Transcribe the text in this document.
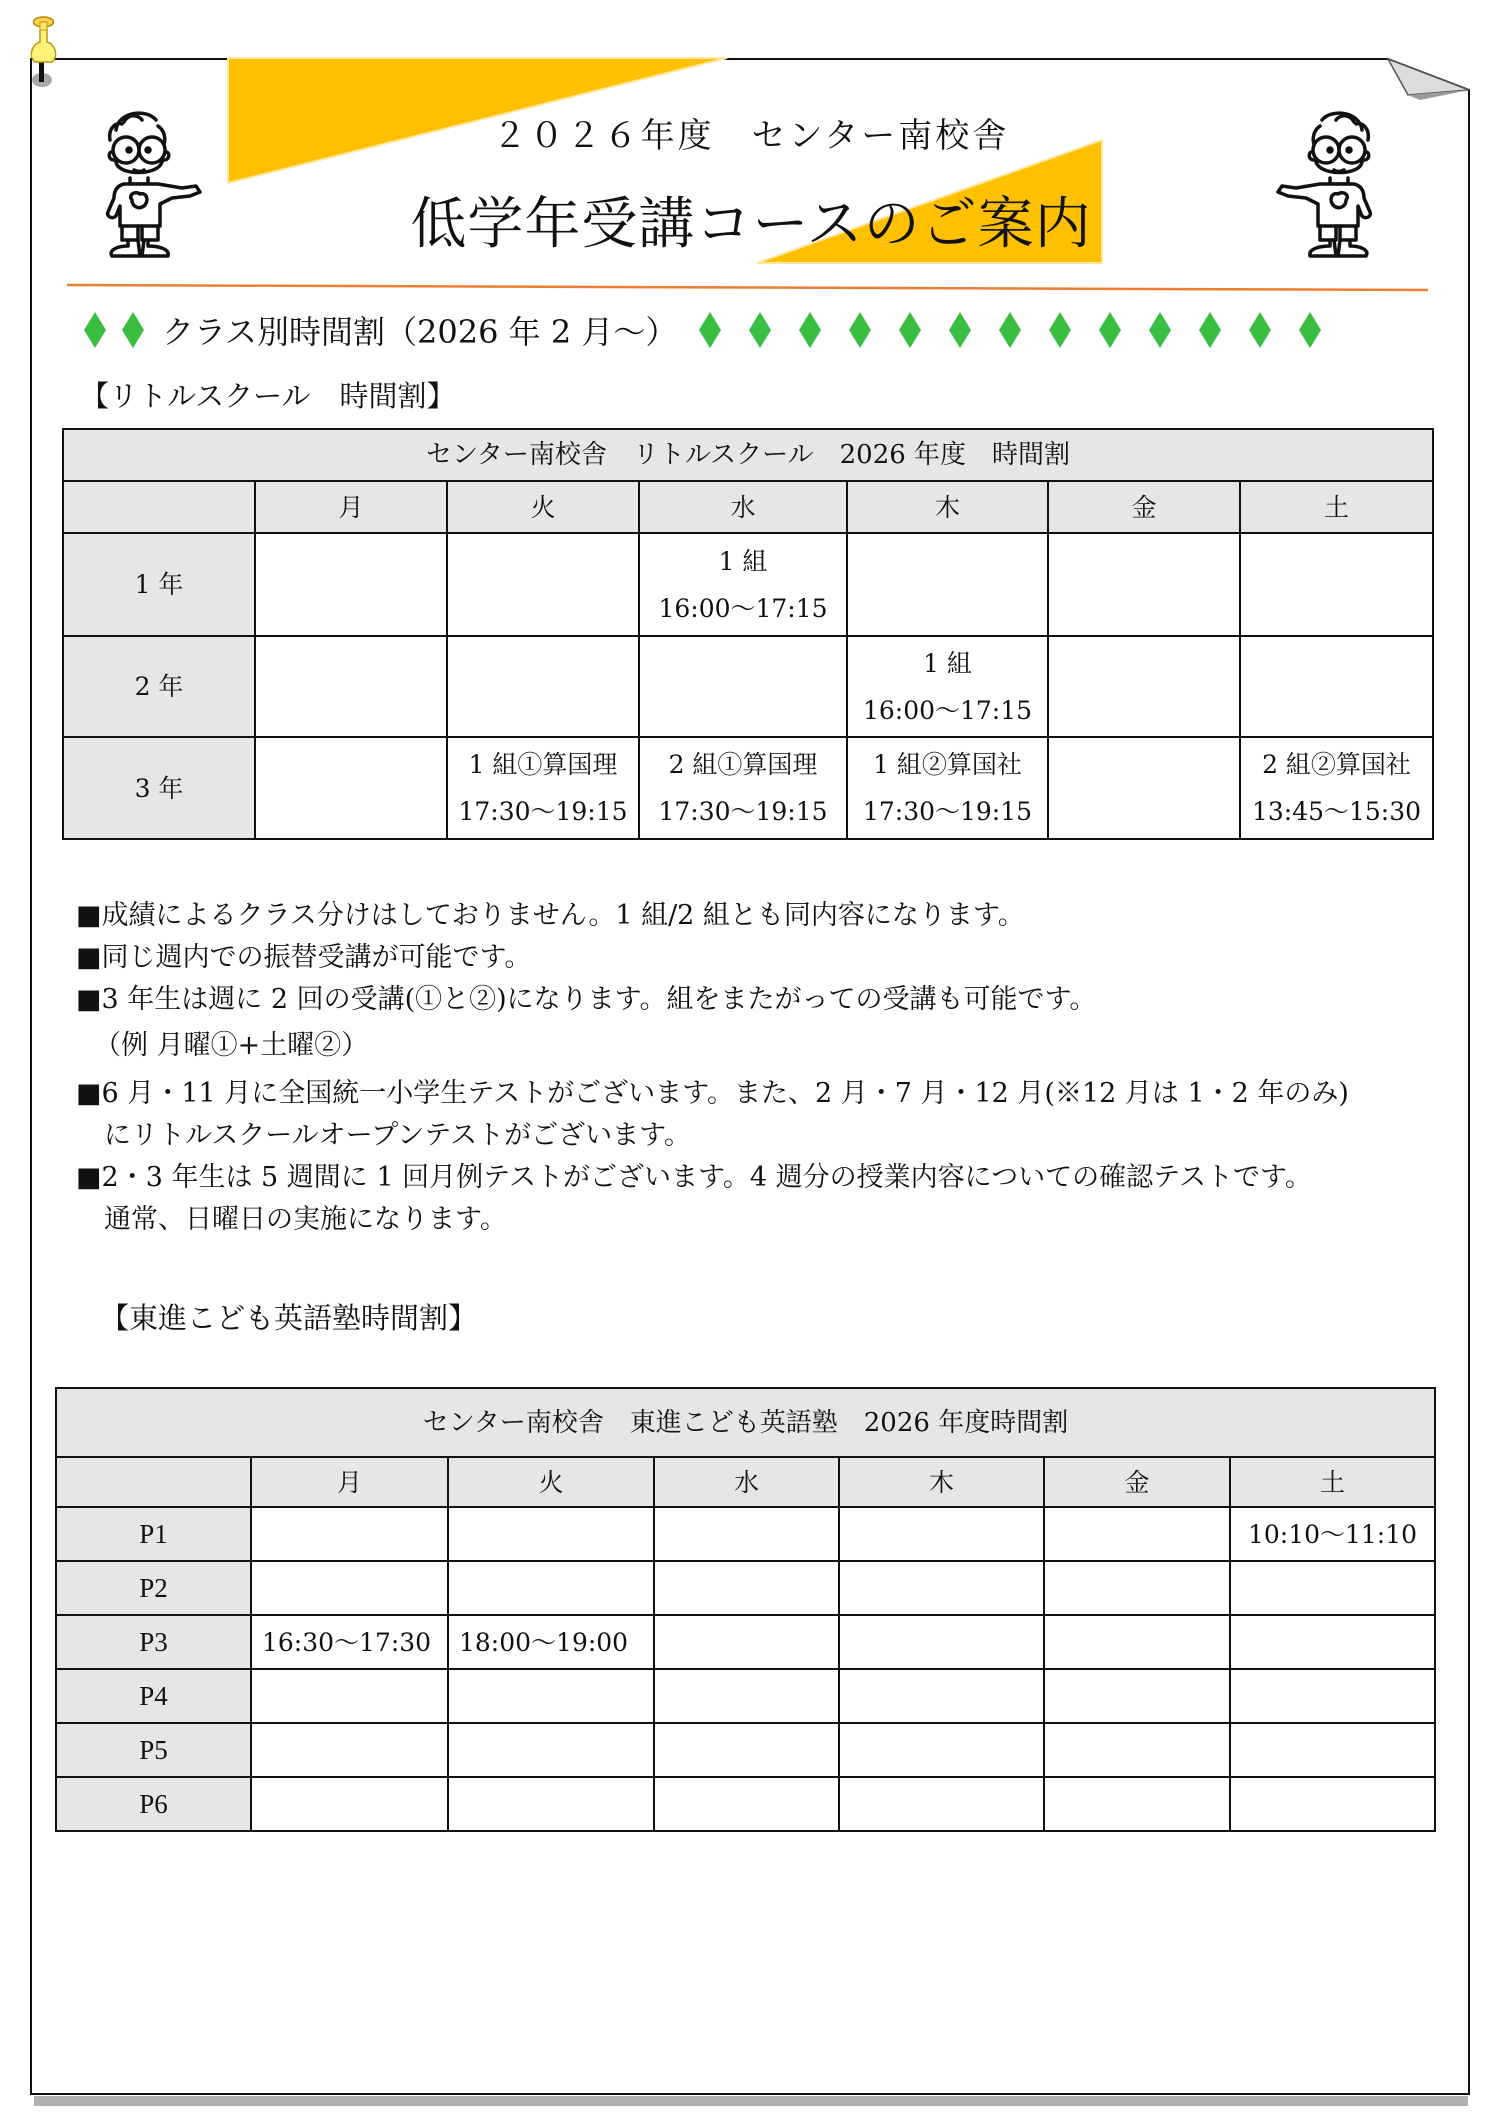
２０２６年度　センター南校舎
低学年受講コースのご案内
クラス別時間割（2026 年 2 月～）
【リトルスクール　時間割】
センター南校舎　リトルスクール　2026 年度　時間割						
	月	火	水	木	金	土
1 年			1 組
16:00～17:15			

2 年				1 組
16:00～17:15		

3 年		1 組①算国理
17:30～19:15	2 組①算国理
17:30～19:15	1 組②算国社
17:30～19:15		2 組②算国社
13:45～15:30
■成績によるクラス分けはしておりません。1 組/2 組とも同内容になります。
■同じ週内での振替受講が可能です。
■3 年生は週に 2 回の受講(①と②)になります。組をまたがっての受講も可能です。
（例 月曜①+土曜②）
■6 月・11 月に全国統一小学生テストがございます。また、2 月・7 月・12 月(※12 月は 1・2 年のみ)
にリトルスクールオープンテストがございます。
■2・3 年生は 5 週間に 1 回月例テストがございます。4 週分の授業内容についての確認テストです。
通常、日曜日の実施になります。
【東進こども英語塾時間割】
センター南校舎　東進こども英語塾　2026 年度時間割						
	月	火	水	木	金	土
P1						10:10～11:10
P2						
P3	16:30～17:30	18:00～19:00				
P4						
P5						
P6						
